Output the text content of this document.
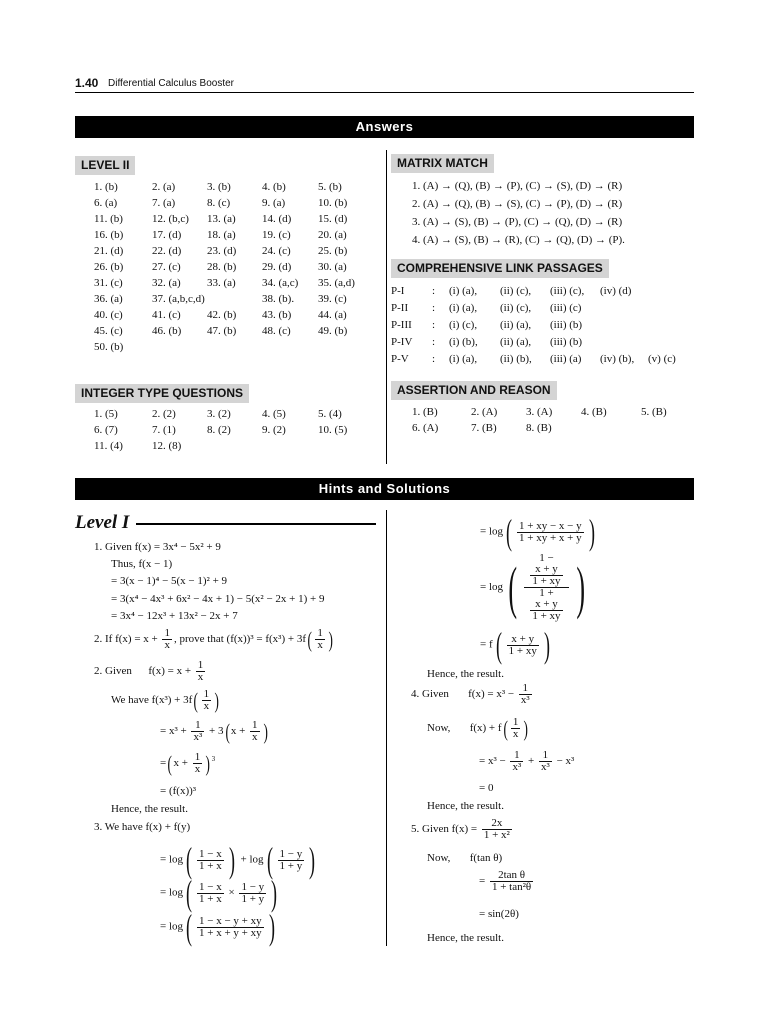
1.40 Differential Calculus Booster
Answers
LEVEL II
1. (b)	2. (a)	3. (b)	4. (b)	5. (b)
6. (a)	7. (a)	8. (c)	9. (a)	10. (b)
11. (b)	12. (b,c)	13. (a)	14. (d)	15. (d)
16. (b)	17. (d)	18. (a)	19. (c)	20. (a)
21. (d)	22. (d)	23. (d)	24. (c)	25. (b)
26. (b)	27. (c)	28. (b)	29. (d)	30. (a)
31. (c)	32. (a)	33. (a)	34. (a,c)	35. (a,d)
36. (a)	37. (a,b,c,d)	38. (b).	39. (c)
40. (c)	41. (c)	42. (b)	43. (b)	44. (a)
45. (c)	46. (b)	47. (b)	48. (c)	49. (b)
50. (b)
INTEGER TYPE QUESTIONS
1. (5)	2. (2)	3. (2)	4. (5)	5. (4)
6. (7)	7. (1)	8. (2)	9. (2)	10. (5)
11. (4)	12. (8)
MATRIX MATCH
1. (A) → (Q), (B) → (P), (C) → (S), (D) → (R)
2. (A) → (Q), (B) → (S), (C) → (P), (D) → (R)
3. (A) → (S), (B) → (P), (C) → (Q), (D) → (R)
4. (A) → (S), (B) → (R), (C) → (Q), (D) → (P).
COMPREHENSIVE LINK PASSAGES
P-I	:	(i) (a),	(ii) (c),	(iii) (c),	(iv) (d)
P-II	:	(i) (a),	(ii) (c),	(iii) (c)
P-III	:	(i) (c),	(ii) (a),	(iii) (b)
P-IV	:	(i) (b),	(ii) (a),	(iii) (b)
P-V	:	(i) (a),	(ii) (b),	(iii) (a)	(iv) (b),	(v) (c)
ASSERTION AND REASON
1. (B)	2. (A)	3. (A)	4. (B)	5. (B)
6. (A)	7. (B)	8. (B)
Hints and Solutions
Level I
1. Given f(x) = 3x⁴ − 5x² + 9
Thus, f(x − 1)
= 3(x − 1)⁴ − 5(x − 1)² + 9
= 3(x⁴ − 4x³ + 6x² − 4x + 1) − 5(x² − 2x + 1) + 9
= 3x⁴ − 12x³ + 13x² − 2x + 7
2. If $f(x) = x + \frac{1}{x}$ , prove that $(f(x))^3 = f(x^3) + 3f( \frac{1}{x}$ )
2. Given $f(x) = x + \frac{1}{x}$
We have $f(x^3) + 3f( \frac{1}{x}$ )
= $x^3 + \frac{1}{\text{x³}} + 3(x + \frac{1}{x}$ )
$=(x + \frac{1}{x} )^3$
= (f(x))³
Hence, the result.
3. We have f(x) + f(y)
= $\log( \frac{1 - x}{1 + x}$ ) + $\log( \frac{1 - y}{1 + y}$ )
= $\log( \frac{1 - x}{1 + x} \times \frac{1 - y}{1 + y}$ )
= $\log( \frac{1 - x - y + xy}{1 + x + y + xy}$ )
= $\log( \frac{1 + xy - x - y}{1 + xy + x + y}$ )
= log( 1 −
x + y
1 + xy
1 +
x + y
1 + xy )
= $f( \frac{x + y}{1 + xy}$ )
Hence, the result.
4. Given $f(x) = x^3 - \frac{1}{\text{x³}}$
Now, $f(x) + f( \frac{1}{x}$ )
= $x^3 - \frac{1}{\text{x³}} + \frac{1}{\text{x³}} - x^3$
= 0
Hence, the result.
5. Given $f(x) = \frac{2x}{\text{1 + x²}}$
Now, f(tan θ)
= $\frac{\text{2tan θ}}{\text{1 + tan²θ}}$
= sin(2θ)
Hence, the result.
